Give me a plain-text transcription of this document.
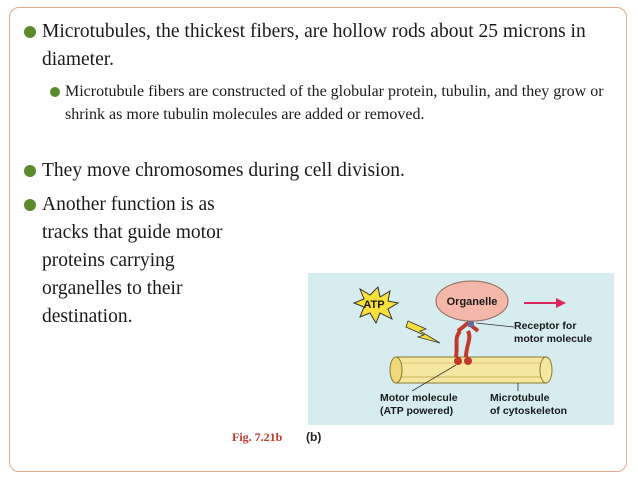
Microtubules, the thickest fibers, are hollow rods about 25 microns in diameter.
Microtubule fibers are constructed of the globular protein, tubulin, and they grow or shrink as more tubulin molecules are added or removed.
They move chromosomes during cell division.
Another function is as tracks that guide motor proteins carrying organelles to their destination.
Organelle
ATP
Receptor for
motor molecule
Motor molecule
(ATP powered)
Microtubule
of cytoskeleton
Fig. 7.21b (b)
